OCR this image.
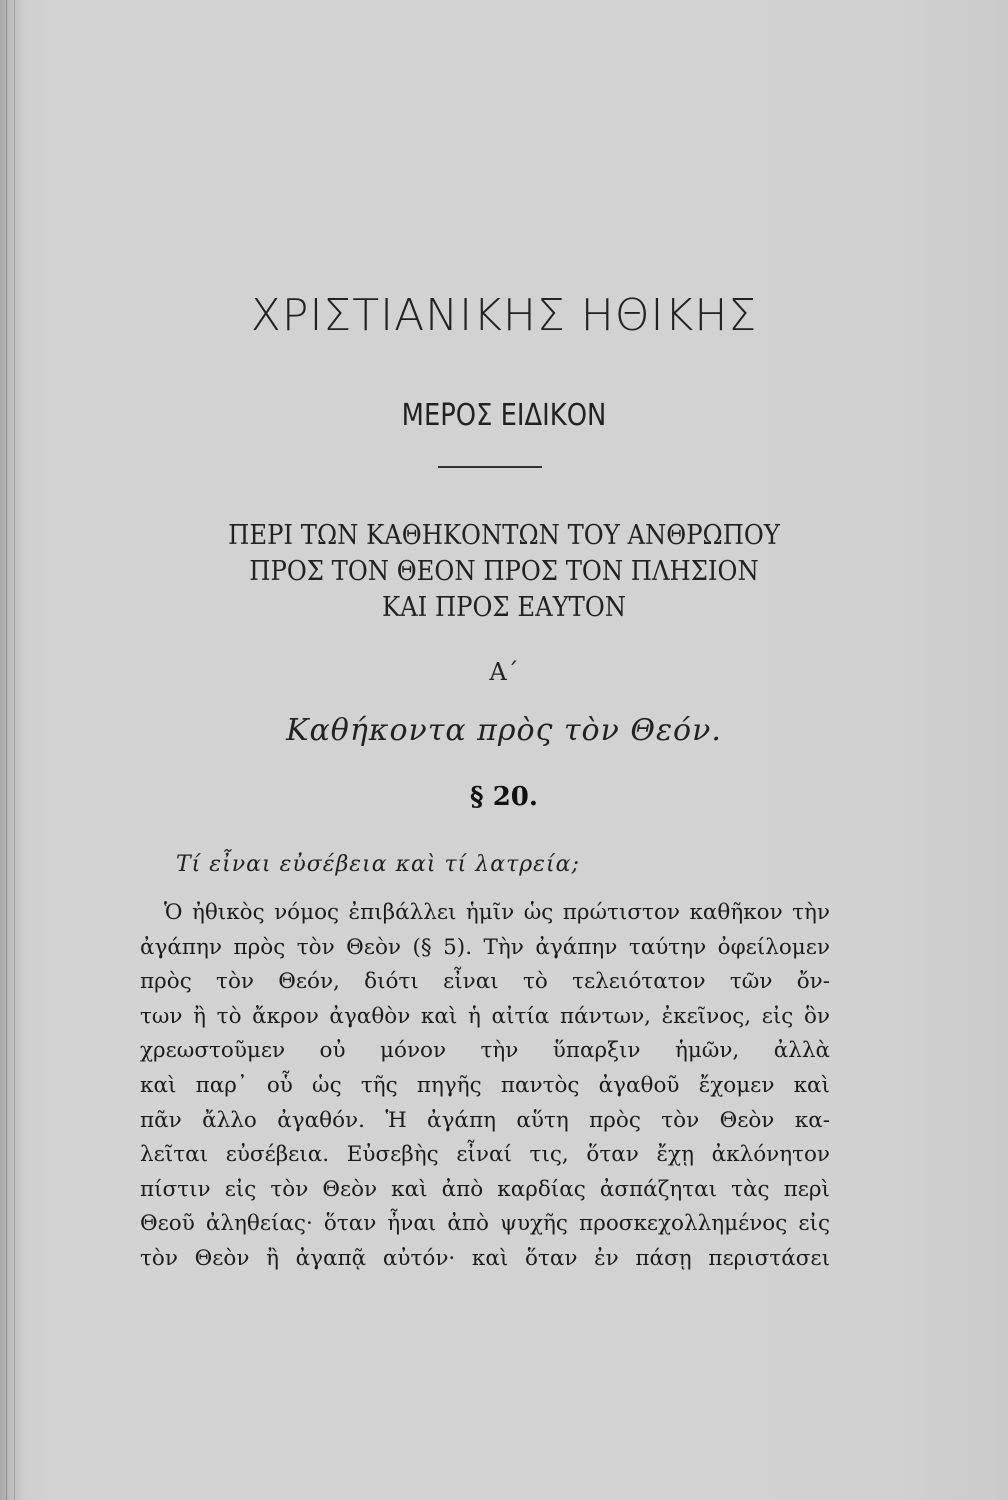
ΧΡΙΣΤΙΑΝΙΚΗΣ ΗΘΙΚΗΣ
ΜΕΡΟΣ ΕΙΔΙΚΟΝ
ΠΕΡΙ ΤΩΝ ΚΑΘΗΚΟΝΤΩΝ ΤΟΥ ΑΝΘΡΩΠΟΥ
ΠΡΟΣ ΤΟΝ ΘΕΟΝ ΠΡΟΣ ΤΟΝ ΠΛΗΣΙΟΝ
ΚΑΙ ΠΡΟΣ ΕΑΥΤΟΝ
Α΄
Καθήκοντα πρὸς τὸν Θεόν.
§ 20.
Τί εἶναι εὐσέβεια καὶ τί λατρεία;
Ὁ ἠθικὸς νόμος ἐπιβάλλει ἡμῖν ὡς πρώτιστον καθῆκον τὴν
ἀγάπην πρὸς τὸν Θεὸν (§ 5). Τὴν ἀγάπην ταύτην ὀφείλομεν
πρὸς τὸν Θεόν, διότι εἶναι τὸ τελειότατον τῶν ὄν-
των ἢ τὸ ἄκρον ἀγαθὸν καὶ ἡ αἰτία πάντων, ἐκεῖνος, εἰς ὃν
χρεωστοῦμεν οὐ μόνον τὴν ὕπαρξιν ἡμῶν, ἀλλὰ
καὶ παρ᾽ οὗ ὡς τῆς πηγῆς παντὸς ἀγαθοῦ ἔχομεν καὶ
πᾶν ἄλλο ἀγαθόν. Ἡ ἀγάπη αὕτη πρὸς τὸν Θεὸν κα-
λεῖται εὐσέβεια. Εὐσεβὴς εἶναί τις, ὅταν ἔχῃ ἀκλόνητον
πίστιν εἰς τὸν Θεὸν καὶ ἀπὸ καρδίας ἀσπάζηται τὰς περὶ
Θεοῦ ἀληθείας· ὅταν ἦναι ἀπὸ ψυχῆς προσκεχολλημένος εἰς
τὸν Θεὸν ἢ ἀγαπᾷ αὐτόν· καὶ ὅταν ἐν πάσῃ περιστάσει
